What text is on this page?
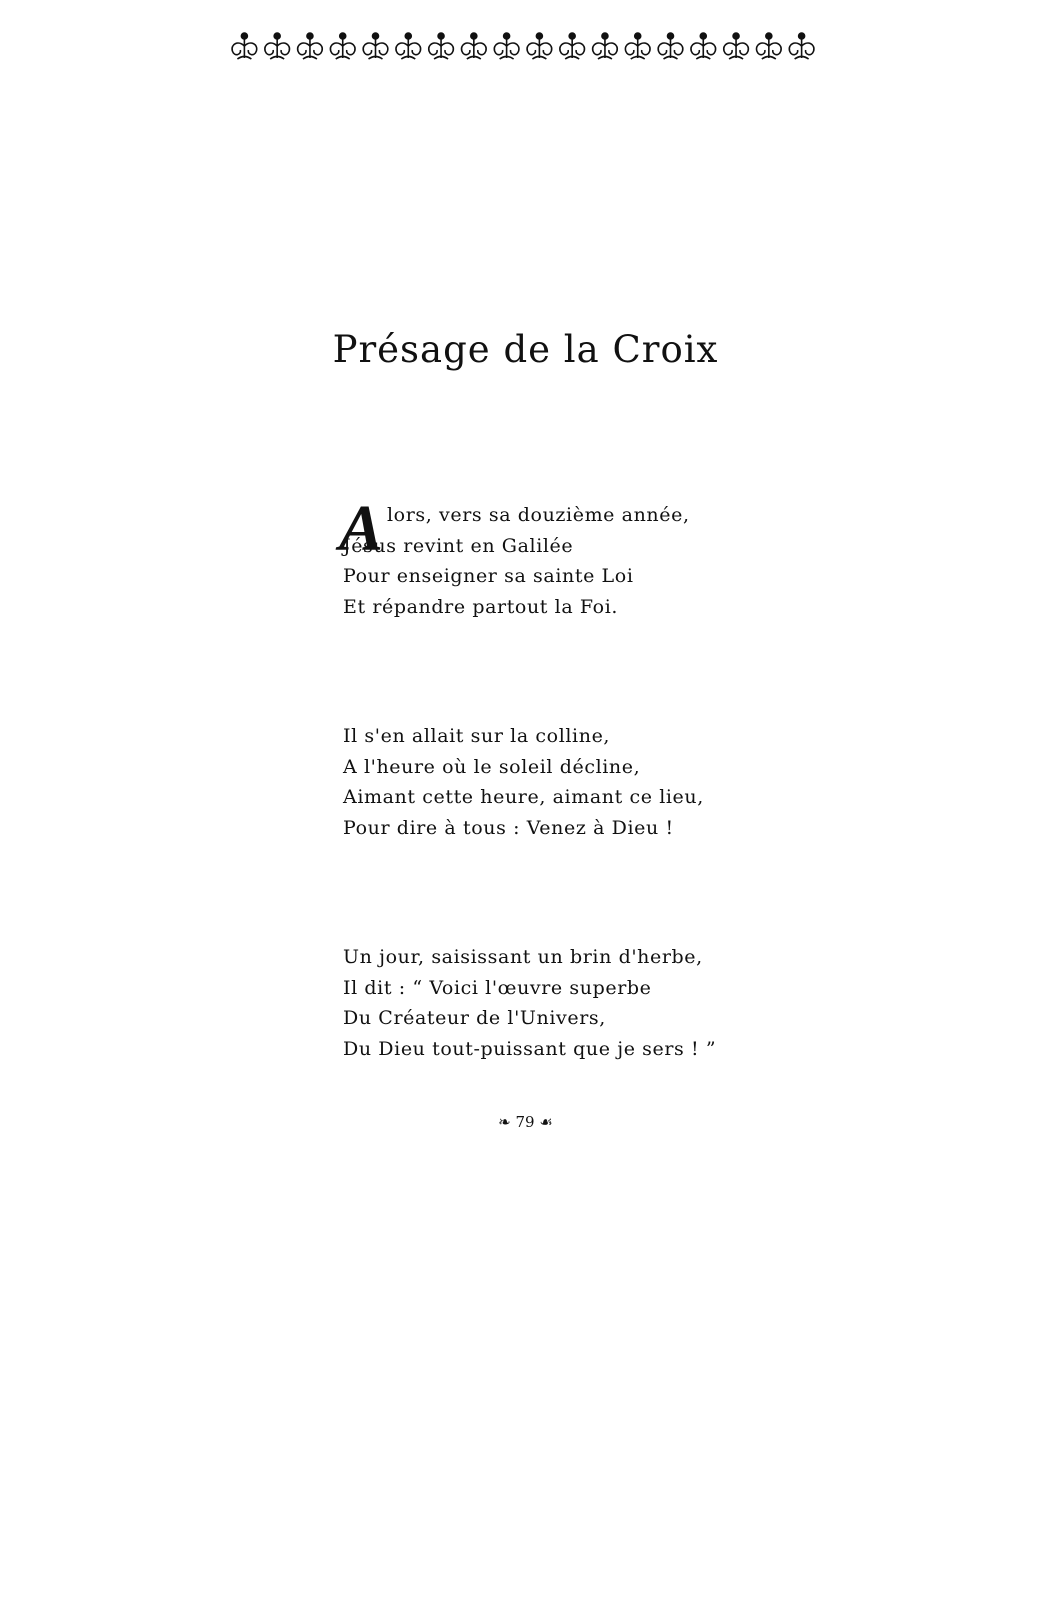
Présage de la Croix
A lors, vers sa douzième année,
Jésus revint en Galilée
Pour enseigner sa sainte Loi
Et répandre partout la Foi.
Il s'en allait sur la colline,
A l'heure où le soleil décline,
Aimant cette heure, aimant ce lieu,
Pour dire à tous : Venez à Dieu !
Un jour, saisissant un brin d'herbe,
Il dit : “ Voici l'œuvre superbe
Du Créateur de l'Univers,
Du Dieu tout-puissant que je sers ! ”
❧ 79 ☙
